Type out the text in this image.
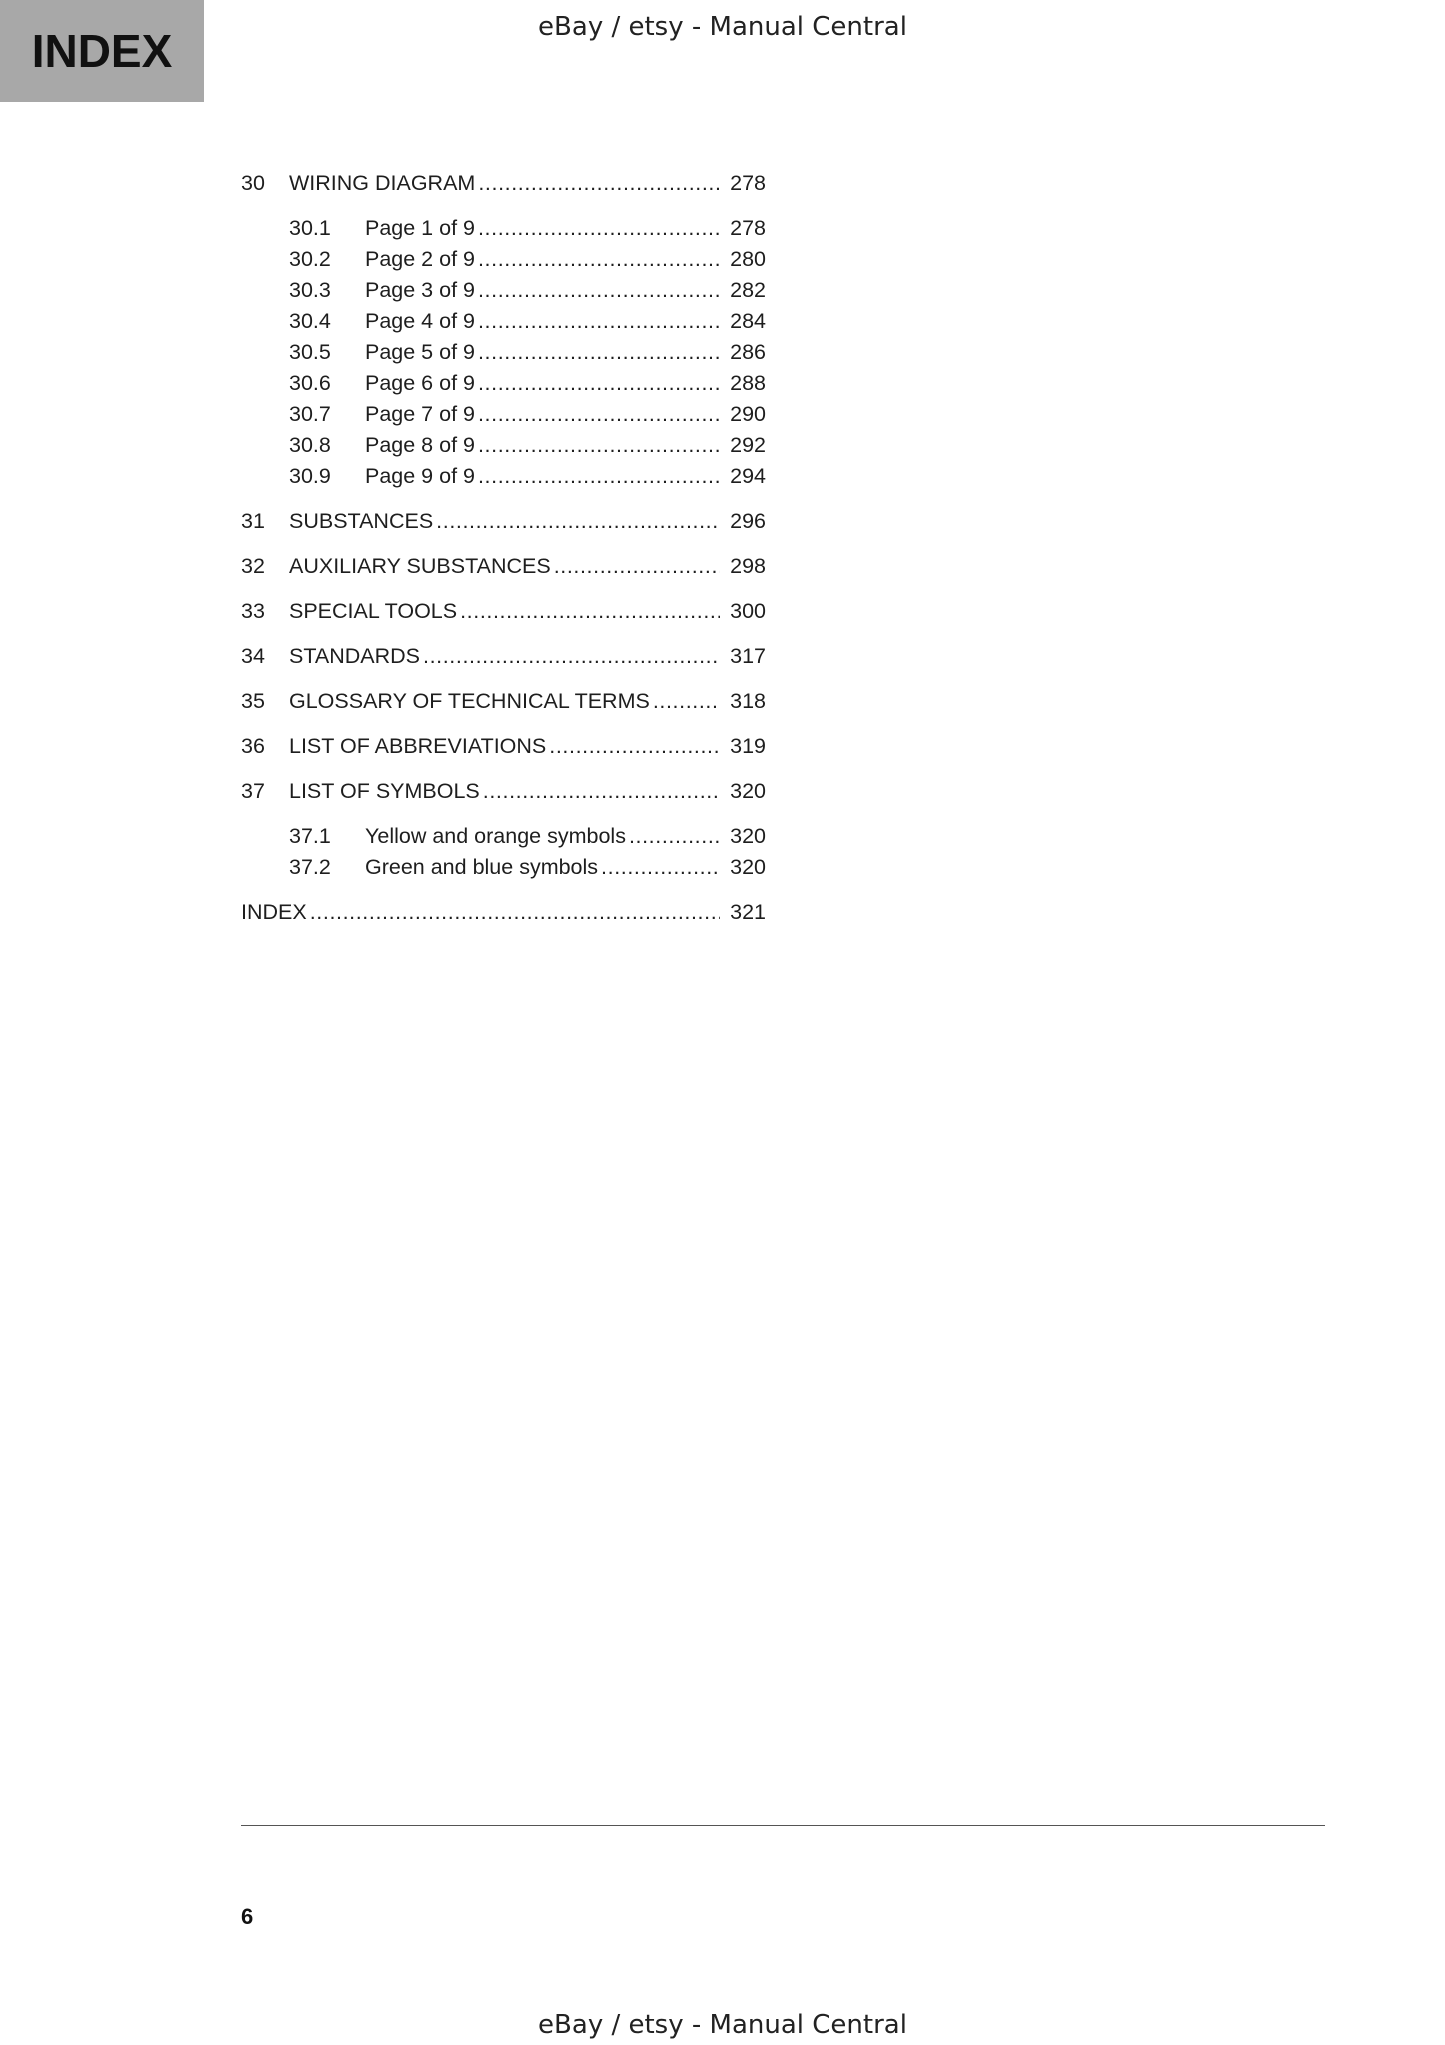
INDEX	eBay / etsy - Manual Central
30	WIRING DIAGRAM .....	278
30.1	Page 1 of 9 .....	278
30.2	Page 2 of 9 .....	280
30.3	Page 3 of 9 .....	282
30.4	Page 4 of 9 .....	284
30.5	Page 5 of 9 .....	286
30.6	Page 6 of 9 .....	288
30.7	Page 7 of 9 .....	290
30.8	Page 8 of 9 .....	292
30.9	Page 9 of 9 .....	294
31	SUBSTANCES .....	296
32	AUXILIARY SUBSTANCES .....	298
33	SPECIAL TOOLS .....	300
34	STANDARDS .....	317
35	GLOSSARY OF TECHNICAL TERMS .....	318
36	LIST OF ABBREVIATIONS .....	319
37	LIST OF SYMBOLS .....	320
37.1	Yellow and orange symbols .....	320
37.2	Green and blue symbols .....	320
INDEX .....	321
6
eBay / etsy - Manual Central
